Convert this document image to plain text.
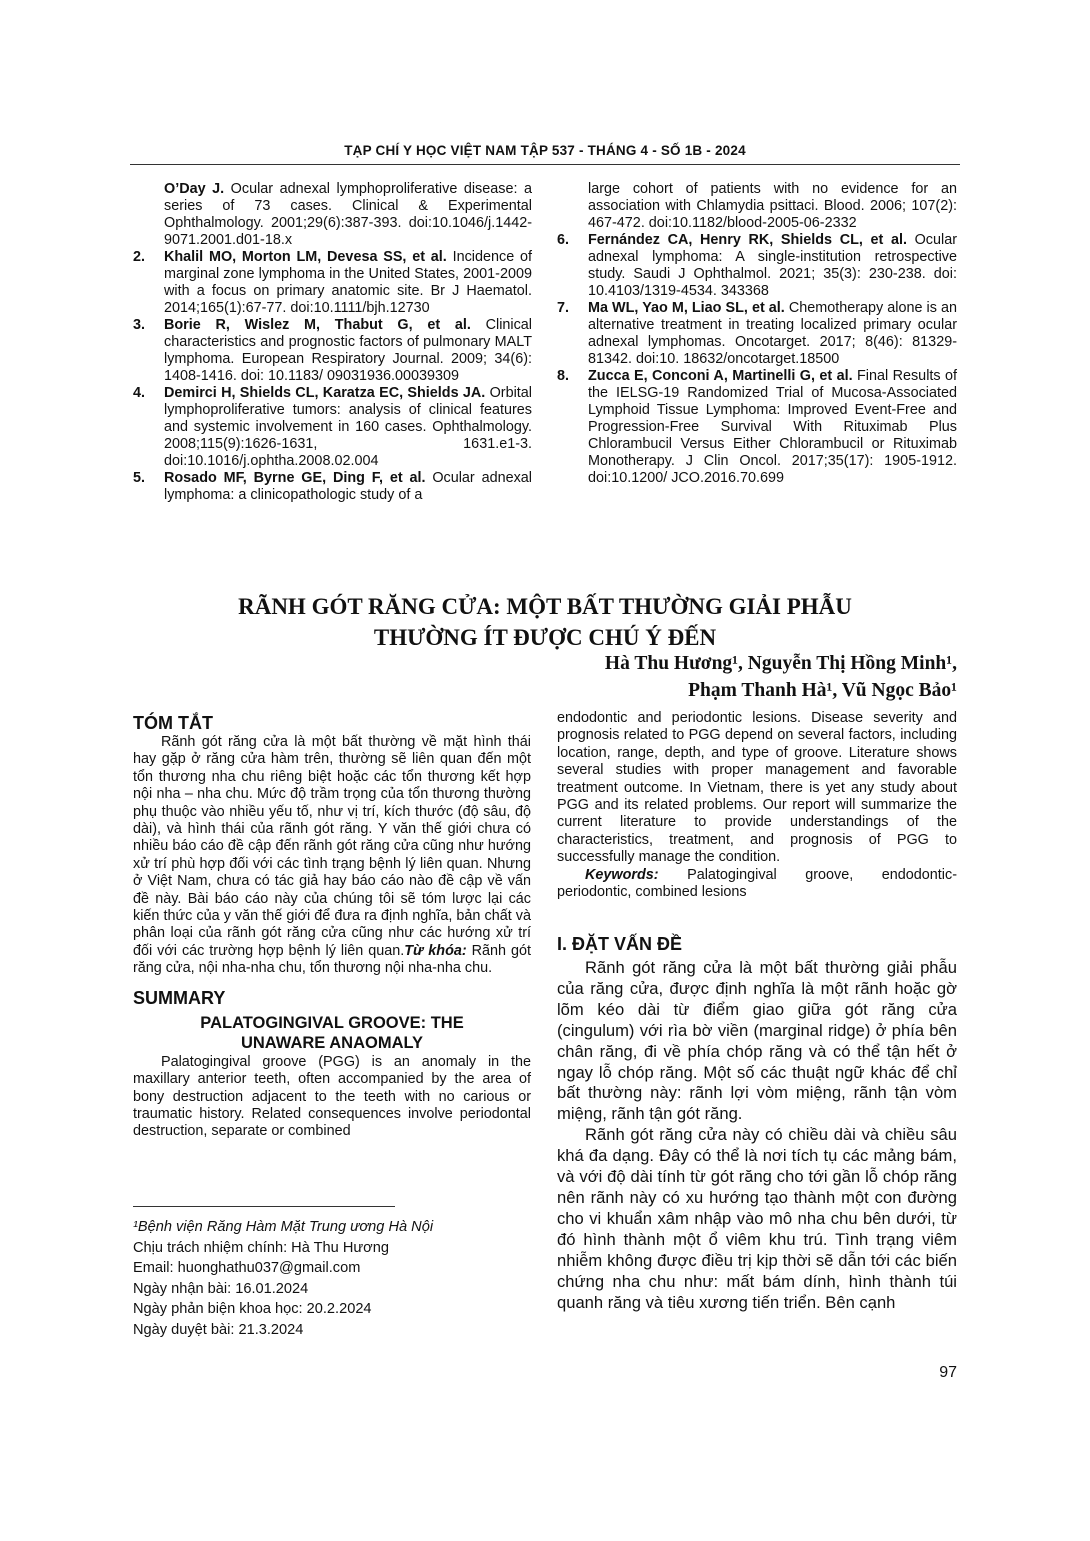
TẠP CHÍ Y HỌC VIỆT NAM TẬP 537 - THÁNG 4 - SỐ 1B - 2024
O’Day J. Ocular adnexal lymphoproliferative disease: a series of 73 cases. Clinical & Experimental Ophthalmology. 2001;29(6):387-393. doi:10.1046/j.1442-9071.2001.d01-18.x
2. Khalil MO, Morton LM, Devesa SS, et al. Incidence of marginal zone lymphoma in the United States, 2001-2009 with a focus on primary anatomic site. Br J Haematol. 2014;165(1):67-77. doi:10.1111/bjh.12730
3. Borie R, Wislez M, Thabut G, et al. Clinical characteristics and prognostic factors of pulmonary MALT lymphoma. European Respiratory Journal. 2009; 34(6): 1408-1416. doi: 10.1183/ 09031936.00039309
4. Demirci H, Shields CL, Karatza EC, Shields JA. Orbital lymphoproliferative tumors: analysis of clinical features and systemic involvement in 160 cases. Ophthalmology. 2008;115(9):1626-1631, 1631.e1-3. doi:10.1016/j.ophtha.2008.02.004
5. Rosado MF, Byrne GE, Ding F, et al. Ocular adnexal lymphoma: a clinicopathologic study of a
large cohort of patients with no evidence for an association with Chlamydia psittaci. Blood. 2006; 107(2): 467-472. doi:10.1182/blood-2005-06-2332
6. Fernández CA, Henry RK, Shields CL, et al. Ocular adnexal lymphoma: A single-institution retrospective study. Saudi J Ophthalmol. 2021; 35(3): 230-238. doi: 10.4103/1319-4534. 343368
7. Ma WL, Yao M, Liao SL, et al. Chemotherapy alone is an alternative treatment in treating localized primary ocular adnexal lymphomas. Oncotarget. 2017; 8(46): 81329-81342. doi:10. 18632/oncotarget.18500
8. Zucca E, Conconi A, Martinelli G, et al. Final Results of the IELSG-19 Randomized Trial of Mucosa-Associated Lymphoid Tissue Lymphoma: Improved Event-Free and Progression-Free Survival With Rituximab Plus Chlorambucil Versus Either Chlorambucil or Rituximab Monotherapy. J Clin Oncol. 2017;35(17): 1905-1912. doi:10.1200/ JCO.2016.70.699
RÃNH GÓT RĂNG CỬA: MỘT BẤT THƯỜNG GIẢI PHẪU
THƯỜNG ÍT ĐƯỢC CHÚ Ý ĐẾN
Hà Thu Hương¹, Nguyễn Thị Hồng Minh¹,
Phạm Thanh Hà¹, Vũ Ngọc Bảo¹
TÓM TẮT

Rãnh gót răng cửa là một bất thường về mặt hình thái hay gặp ở răng cửa hàm trên, thường sẽ liên quan đến một tổn thương nha chu riêng biệt hoặc các tổn thương kết hợp nội nha – nha chu. Mức độ trầm trọng của tổn thương thường phụ thuộc vào nhiều yếu tố, như vị trí, kích thước (độ sâu, độ dài), và hình thái của rãnh gót răng. Y văn thế giới chưa có nhiều báo cáo đề cập đến rãnh gót răng cửa cũng như hướng xử trí phù hợp đối với các tình trạng bệnh lý liên quan. Nhưng ở Việt Nam, chưa có tác giả hay báo cáo nào đề cập về vấn đề này. Bài báo cáo này của chúng tôi sẽ tóm lược lại các kiến thức của y văn thế giới để đưa ra định nghĩa, bản chất và phân loại của rãnh gót răng cửa cũng như các hướng xử trí đối với các trường hợp bệnh lý liên quan.Từ khóa: Rãnh gót răng cửa, nội nha-nha chu, tổn thương nội nha-nha chu.

SUMMARY
PALATOGINGIVAL GROOVE: THE
UNAWARE ANAOMALY

Palatogingival groove (PGG) is an anomaly in the maxillary anterior teeth, often accompanied by the area of bony destruction adjacent to the teeth with no carious or traumatic history. Related consequences involve periodontal destruction, separate or combined

¹Bệnh viện Răng Hàm Mặt Trung ương Hà Nội
Chịu trách nhiệm chính: Hà Thu Hương
Email: huonghathu037@gmail.com
Ngày nhận bài: 16.01.2024
Ngày phản biện khoa học: 20.2.2024
Ngày duyệt bài: 21.3.2024

endodontic and periodontic lesions. Disease severity and prognosis related to PGG depend on several factors, including location, range, depth, and type of groove. Literature shows several studies with proper management and favorable treatment outcome. In Vietnam, there is yet any study about PGG and its related problems. Our report will summarize the current literature to provide understandings of the characteristics, treatment, and prognosis of PGG to successfully manage the condition.

Keywords: Palatogingival groove, endodontic-periodontic, combined lesions

I. ĐẶT VẤN ĐỀ

Rãnh gót răng cửa là một bất thường giải phẫu của răng cửa, được định nghĩa là một rãnh hoặc gờ lõm kéo dài từ điểm giao giữa gót răng cửa (cingulum) với rìa bờ viền (marginal ridge) ở phía bên chân răng, đi về phía chóp răng và có thể tận hết ở ngay lỗ chóp răng. Một số các thuật ngữ khác để chỉ bất thường này: rãnh lợi vòm miệng, rãnh tận vòm miệng, rãnh tận gót răng.

Rãnh gót răng cửa này có chiều dài và chiều sâu khá đa dạng. Đây có thể là nơi tích tụ các mảng bám, và với độ dài tính từ gót răng cho tới gần lỗ chóp răng nên rãnh này có xu hướng tạo thành một con đường cho vi khuẩn xâm nhập vào mô nha chu bên dưới, từ đó hình thành một ổ viêm khu trú. Tình trạng viêm nhiễm không được điều trị kịp thời sẽ dẫn tới các biến chứng nha chu như: mất bám dính, hình thành túi quanh răng và tiêu xương tiến triển. Bên cạnh

97
